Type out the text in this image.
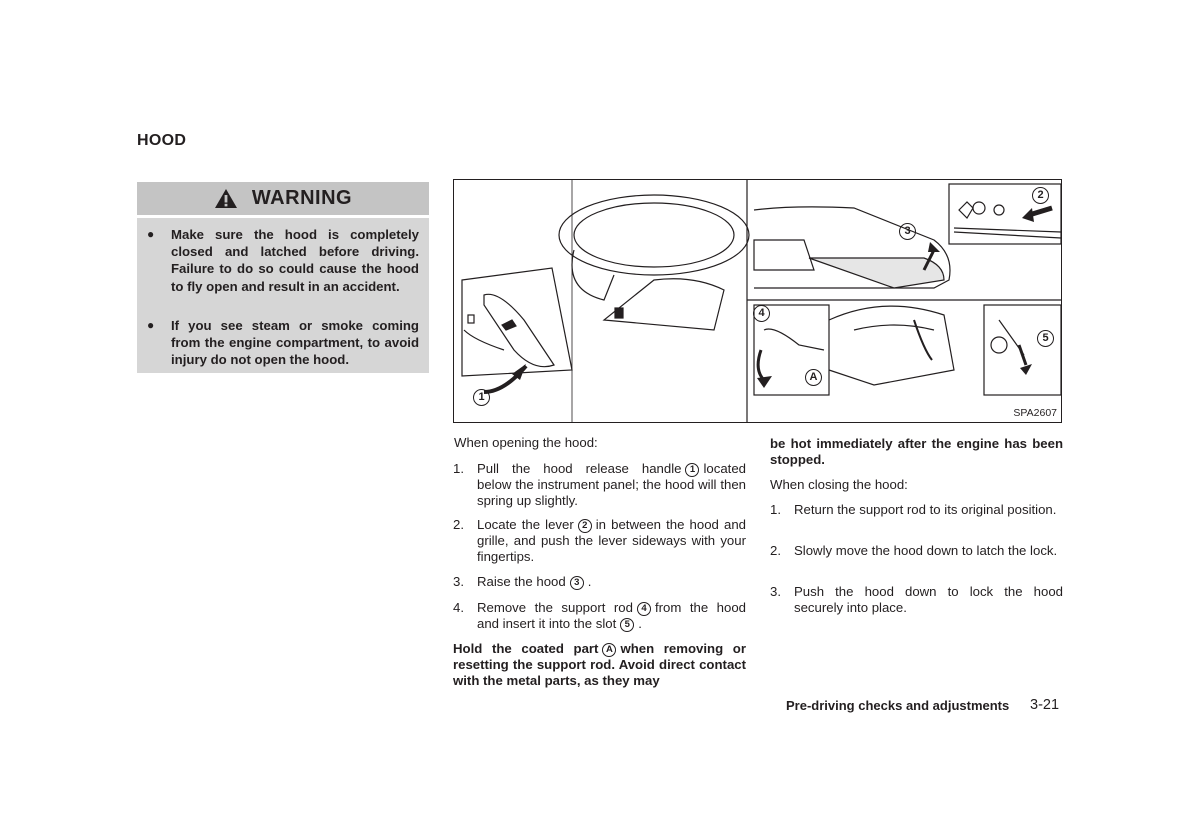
HOOD
WARNING
● Make sure the hood is completely closed and latched before driving. Failure to do so could cause the hood to fly open and result in an accident.
● If you see steam or smoke coming from the engine compartment, to avoid injury do not open the hood.
1
2
3
4
5
A
SPA2607
When opening the hood:
1. Pull the hood release handle 1 located below the instrument panel; the hood will then spring up slightly.
2. Locate the lever 2 in between the hood and grille, and push the lever sideways with your fingertips.
3. Raise the hood 3 .
4. Remove the support rod 4 from the hood and insert it into the slot 5 .
Hold the coated part A when removing or resetting the support rod. Avoid direct contact with the metal parts, as they may
be hot immediately after the engine has been stopped.
When closing the hood:
1. Return the support rod to its original position.
2. Slowly move the hood down to latch the lock.
3. Push the hood down to lock the hood securely into place.
Pre-driving checks and adjustments 3-21
